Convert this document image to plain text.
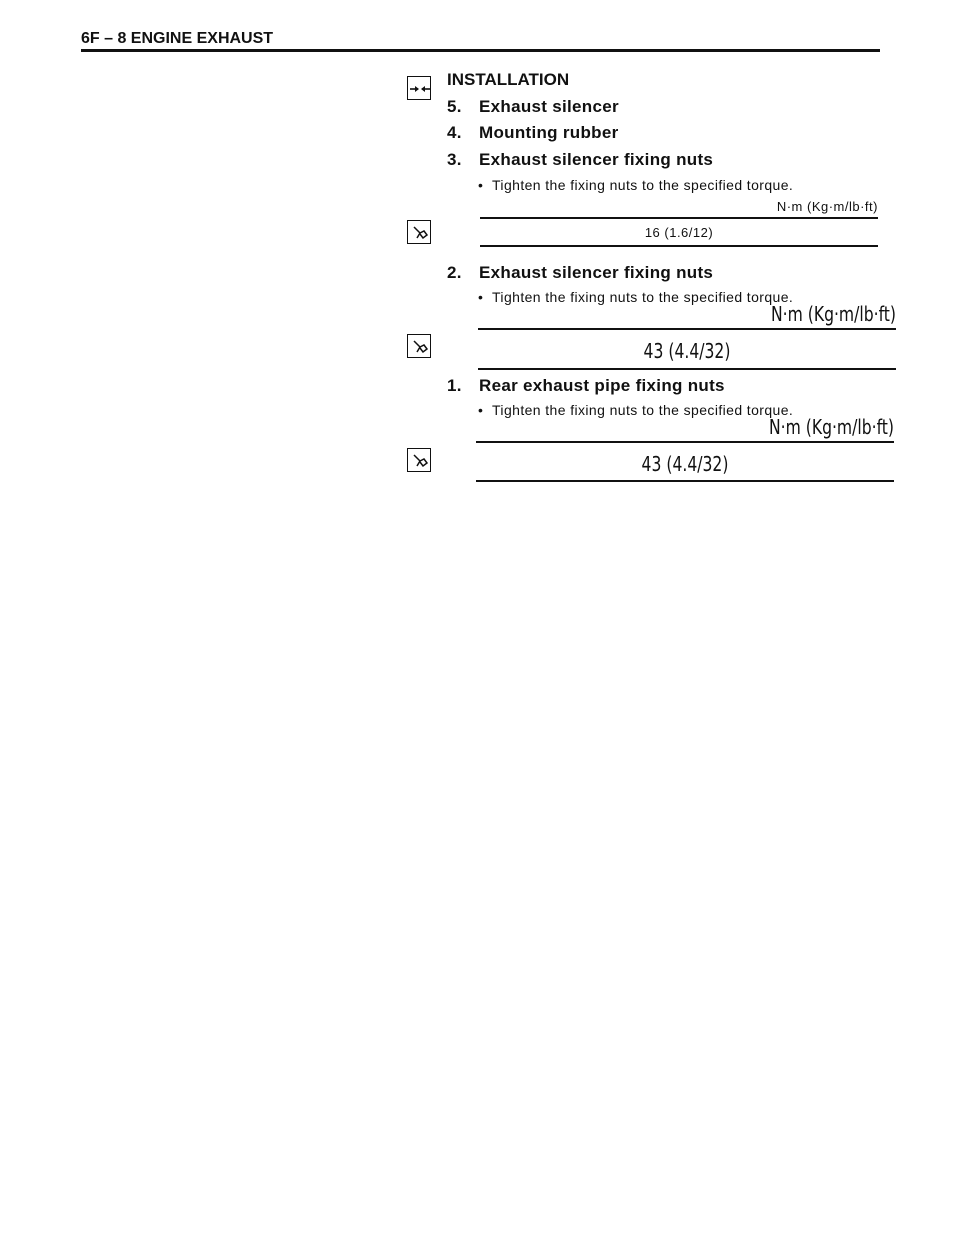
6F – 8 ENGINE EXHAUST
INSTALLATION
5. Exhaust silencer
4. Mounting rubber
3. Exhaust silencer fixing nuts
• Tighten the fixing nuts to the specified torque.
N·m (Kg·m/lb·ft)
16 (1.6/12)
2. Exhaust silencer fixing nuts
• Tighten the fixing nuts to the specified torque.
N·m (Kg·m/lb·ft)
43 (4.4/32)
1. Rear exhaust pipe fixing nuts
• Tighten the fixing nuts to the specified torque.
N·m (Kg·m/lb·ft)
43 (4.4/32)
